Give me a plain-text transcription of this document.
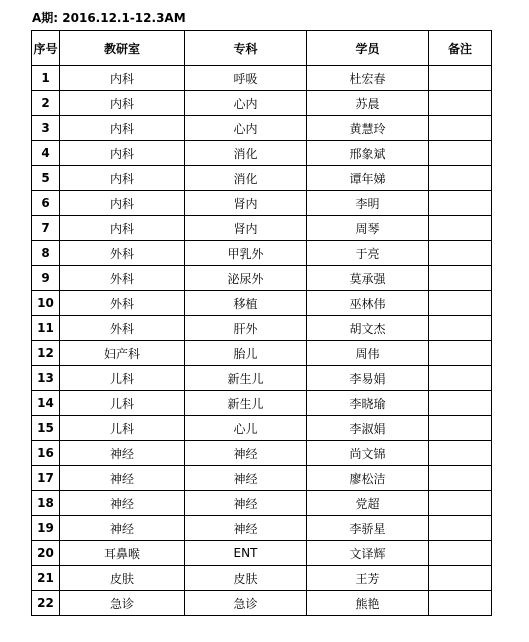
A期: 2016.12.1-12.3AM
序号	教研室	专科	学员	备注
1	内科	呼吸	杜宏春	
2	内科	心内	苏晨	
3	内科	心内	黄慧玲	
4	内科	消化	邢象斌	
5	内科	消化	谭年娣	
6	内科	肾内	李明	
7	内科	肾内	周琴	
8	外科	甲乳外	于亮	
9	外科	泌尿外	莫承强	
10	外科	移植	巫林伟	
11	外科	肝外	胡文杰	
12	妇产科	胎儿	周伟	
13	儿科	新生儿	李易娟	
14	儿科	新生儿	李晓瑜	
15	儿科	心儿	李淑娟	
16	神经	神经	尚文锦	
17	神经	神经	廖松洁	
18	神经	神经	党超	
19	神经	神经	李骄星	
20	耳鼻喉	ENT	文译辉	
21	皮肤	皮肤	王芳	
22	急诊	急诊	熊艳	
